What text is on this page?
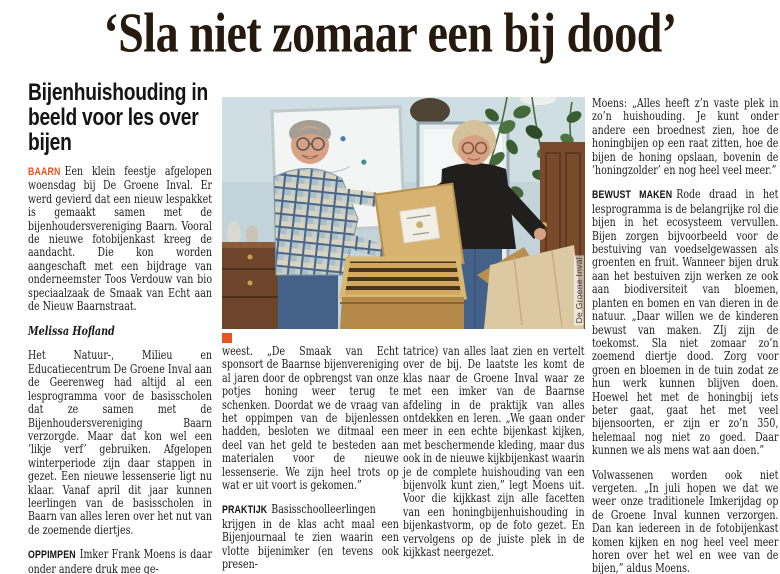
‘Sla niet zomaar een bij dood’
Bijenhuishouding in beeld voor les over bijen

BAARN Een klein feestje afgelopen woensdag bij De Groene Inval. Er werd gevierd dat een nieuw lespakket is gemaakt samen met de bijenhoudersvereniging Baarn. Vooral de nieuwe fotobijenkast kreeg de aandacht. Die kon worden aangeschaft met een bijdrage van onderneemster Toos Verdouw van bio speciaalzaak de Smaak van Echt aan de Nieuw Baarnstraat.

Melissa Hofland

Het Natuur-, Milieu en Educatiecentrum De Groene Inval aan de Geerenweg had altijd al een lesprogramma voor de basisscholen dat ze samen met de Bijenhoudersvereniging Baarn verzorgde. Maar dat kon wel een ’likje verf’ gebruiken. Afgelopen winterperiode zijn daar stappen in gezet. Een nieuwe lessenserie ligt nu klaar. Vanaf april dit jaar kunnen leerlingen van de basisscholen in Baarn van alles leren over het nut van de zoemende diertjes.

OPPIMPEN Imker Frank Moens is daar onder andere druk mee ge-

De Groene Inval

weest. „De Smaak van Echt sponsort de Baarnse bijenvereniging al jaren door de opbrengst van onze potjes honing weer terug te schenken. Doordat we de vraag van het oppimpen van de bijenlessen hadden, besloten we ditmaal een deel van het geld te besteden aan materialen voor de nieuwe lessenserie. We zijn heel trots op wat er uit voort is gekomen.”

PRAKTIJK Basisschoolleerlingen krijgen in de klas acht maal een Bijenjournaal te zien waarin een vlotte bijenimker (en tevens ook presen-

tatrice) van alles laat zien en vertelt over de bij. De laatste les komt de klas naar de Groene Inval waar ze met een imker van de Baarnse afdeling in de praktijk van alles ontdekken en leren. „We gaan onder meer in een echte bijenkast kijken, met beschermende kleding, maar dus ook in de nieuwe kijkbijenkast waarin je de complete huishouding van een bijenvolk kunt zien,” legt Moens uit. Voor die kijkkast zijn alle facetten van een honingbijenhuishouding in bijenkastvorm, op de foto gezet. En vervolgens op de juiste plek in de kijkkast neergezet.

Moens: „Alles heeft z’n vaste plek in zo’n huishouding. Je kunt onder andere een broednest zien, hoe de honingbijen op een raat zitten, hoe de bijen de honing opslaan, bovenin de ’honingzolder’ en nog heel veel meer.”

BEWUST MAKEN Rode draad in het lesprogramma is de belangrijke rol die bijen in het ecosysteem vervullen. Bijen zorgen bijvoorbeeld voor de bestuiving van voedselgewassen als groenten en fruit. Wanneer bijen druk aan het bestuiven zijn werken ze ook aan biodiversiteit van bloemen, planten en bomen en van dieren in de natuur. „Daar willen we de kinderen bewust van maken. ZIj zijn de toekomst. Sla niet zomaar zo’n zoemend diertje dood. Zorg voor groen en bloemen in de tuin zodat ze hun werk kunnen blijven doen. Hoewel het met de honingbij iets beter gaat, gaat het met veel bijensoorten, er zijn er zo’n 350, helemaal nog niet zo goed. Daar kunnen we als mens wat aan doen.”

Volwassenen worden ook niet vergeten. „In juli hopen we dat we weer onze traditionele Imkerijdag op de Groene Inval kunnen verzorgen. Dan kan iedereen in de fotobijenkast komen kijken en nog heel veel meer horen over het wel en wee van de bijen,” aldus Moens.
